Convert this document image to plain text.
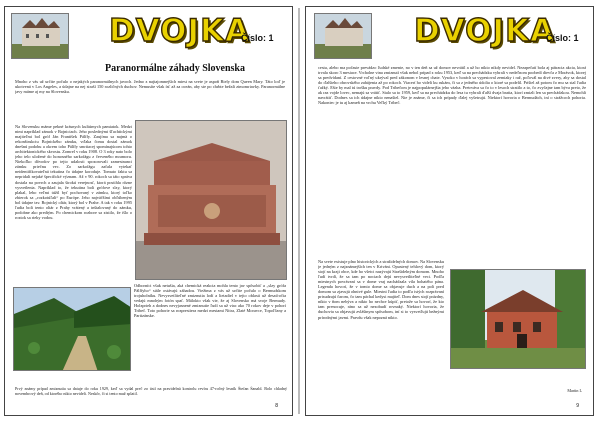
DVOJKA
Číslo: 1
Paranormálne záhady Slovenska

Mnoho z vás už určite počulo o nejakých paranormálnych javoch. Jedno z najtajomnejších miest na svete je aspoň Biely dom Queen Mary. Táto loď je ukotvená v Los Angeles, a údajne na nej straší 150 rozličných duchov. Nemusíte však ísť až za oceán, aby ste po chrbte bežali zimomriavky. Paranormálne javy máme aj my na Slovensku.

Na Slovensku máme pekné krásnych kultúrnych pamiatok. Medzi nimi napríklad zámok v Bojniciach. Jeho poslednými šľachtickými majiteľmi bol gróf Ján František Pálffy. Zaujíma sa najmä o rekonštrukciu Bojnického zámku, vďaka čomu dostal zámok dnešnú podobu a okrem toho Pálffy smrtiacej spomínajúcom tohto architektonického skvostu. Zomrel v roku 1908. O 3 roky nato bolo jeho telo uložené do honosného sarkofágu z červeného mramoru. Niekoľko dôvodov po tejto udalosti spozorovali zamestnanci zámku priečnu vec. Zo sarkofágu začala vytekať neidentifikovateľná tekutina čo údajne koroduje. Tomuto faktu sa nepridali nejaké špecifické význam. Až v 90. rokoch sa táto správa dostala na povrch a zaujala širokú verejnosť, ktorá postihla rôzne vysvetlenia. Napríklad to, že tekutina boli grófove slzy, ktorý plakal, lebo veľmi túžil byť pochovaný v zámku, ktorý toľko zbierok sa „rozkotúľali“ po Európe. Jeho najväčšími obľúbeným bol údajne tzv. Bojnický oltár, ktorý bol v Prahe. A tak v roku 1995 ľudia boli tento oltár z Prahy vrátený a inštalovaný do zámku, podobne ako predtým. Po chemickom rozbore sa zistilo, že išlo o roztok sa rieky vodou.

Odborníci však netušia, aká chemická reakcia mohla tento jav spôsobiť a „slzy grófa Pálffyho“ stále ostávajú záhadou. Viežima z vás už určite počulo o Bermudskom trojuholníku. Nevysvetliteľné zmiznutia lodí a lietadiel v tejto oblasti už desaťročia vedajú mnohým fotón spať. Málokto však vie, že aj Slovensko má svoje Bermudy. Holzprieh a dodnes nevyjasnené zmiznutie ľudí sa už viac ako 70 rokov deje v pohorí Tribeč. Toto pohorie sa rozprestiera medzi mestami Nitra, Zlaté Moravce, Topoľčany a Partizánske.

Prvý známy prípad zmiznutia sa datuje do roku 1929, keď sa vydal preč zo ústí na pravidelnú kontrolu revíru 47-ročný lesník Štefan Šanald. Bolo chladný novembrový deň, od ktorého nikto nevideli. Neskôr, či si tento muž splatil.
8
DVOJKA
Číslo: 1

cestu, alebo ma počasie prevádzo ľudské zmenie, no v ten deň sa už domov nevrátil a už ho nikto nikdy nevidel. Nezapečatí bola aj pátracia akcia, ktorá trvala skoro 3 mesiace. Vrcholne vina zmiznutí však nebol prípad z roku 1953, keď sa na prechádzku vybrali v nedeľnom poobedí dievča z Morávok, ktorej sa predvídaní. Z cestovné voľný ukrýval pred zákonom v lesnej chate. Vysoko v horách sa vypestoval zemiaky i raž, poľovál na divé zvery, aby sa dostal do ďalšieho obrovského zahájenia až po rokoch. Viacerí ho videli ku rukám, či sa z jedného údolia o ktoré sa podelil. Prišiel až potom čo mu sa stal ľudia ťažký. Ešte by mal tú trošku pravdy. Pod Tribečom je najpopulárnejšia jeho väzba. Pretrváva sa čo to v lesoch stratilo a to, čo zvyčajne tam býva preto, že ak raz vojde lovec, nemajú sa vrátiť. Stalo sa to 1959, keď sa na prechádzku do lesa tu vybrali ďalší dvaja bratia, ktorí zmizli len sa prechádzkou. Nemohli navrátiť. Dodnes sa ich údajne nikto nenašiel. Nie je známe, či sa ich prípady ďalej vyšetrujú. Niektorí hovoria o Bermudách, iní o strážcoch pohoria. Nakoniec je tu aj kameň na vrchu Veľký Tribeč.

Na svete existuje plno historických a strašidelných domov. Na Slovensku je jedným z najznámejších ten v Kriváni. Opustený tehlový dom, ktorý stojí na kraji obce, kde ho všetci nazývajú Strašidelným domom. Mnoho ľudí tvrdí, že sa tam po nociach dejú nevysvetliteľné veci. Podľa miestnych povrávaní sa v dome vraj nachádzala vila bohatého pána. Legenda hovorí, že v tomto dome sa objavuje duch a na poli pred domom sa zjavujú ohnivé gule. Miestni ľudia to podľa istých rozprávaní prisudzujú čarom, čo tam páchal kedysi majiteľ. Dom dnes stojí prázdny, nikto v ňom nebýva a nikto ho nechce kúpiť, pretože sa hovorí, že kto tam prenocuje, ráno sa už nezobudí rovnaký. Niektorí hovoria, že duchovia sa objavujú zvláštnym spôsobom, iní si to vysvetľujú bežnými prírodnými javmi. Pravdu však nepozná nikto.

Martin L
9
